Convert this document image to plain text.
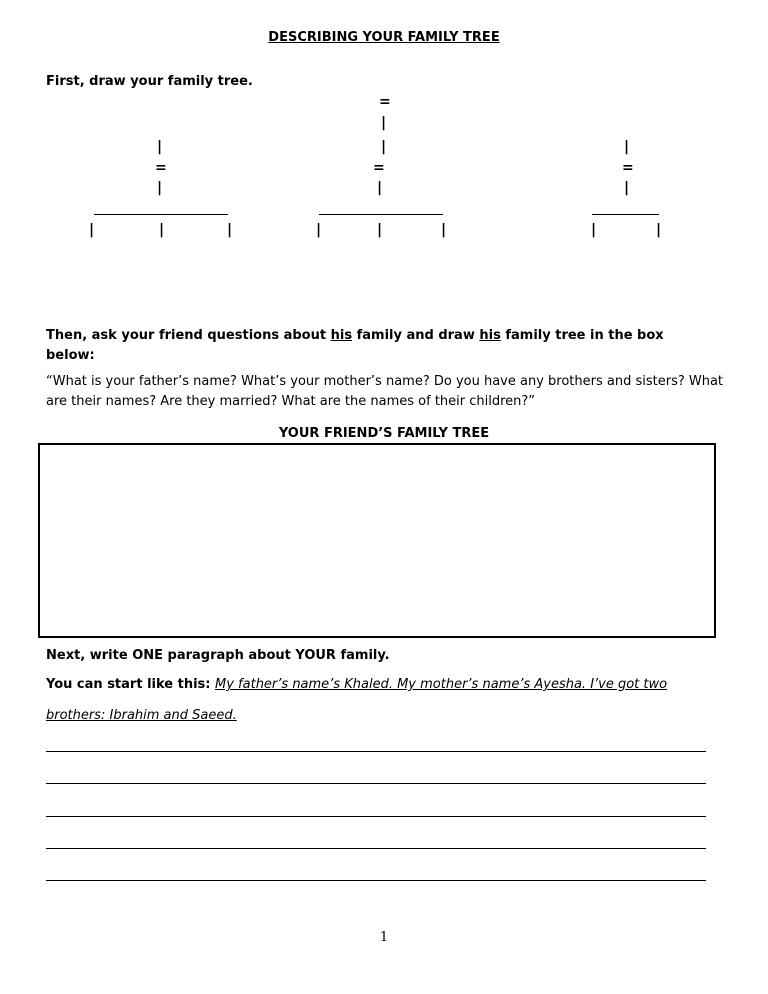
DESCRIBING YOUR FAMILY TREE
First, draw your family tree.
=
|
|
=
|
|	|	|
|
=
|
|	|	|
|
=
|
|	|
Then, ask your friend questions about his family and draw his family tree in the box below:
“What is your father’s name? What’s your mother’s name? Do you have any brothers and sisters? What are their names? Are they married? What are the names of their children?”
YOUR FRIEND’S FAMILY TREE
Next, write ONE paragraph about YOUR family.
You can start like this: My father’s name’s Khaled. My mother’s name’s Ayesha. I’ve got two
brothers: Ibrahim and Saeed.
1
